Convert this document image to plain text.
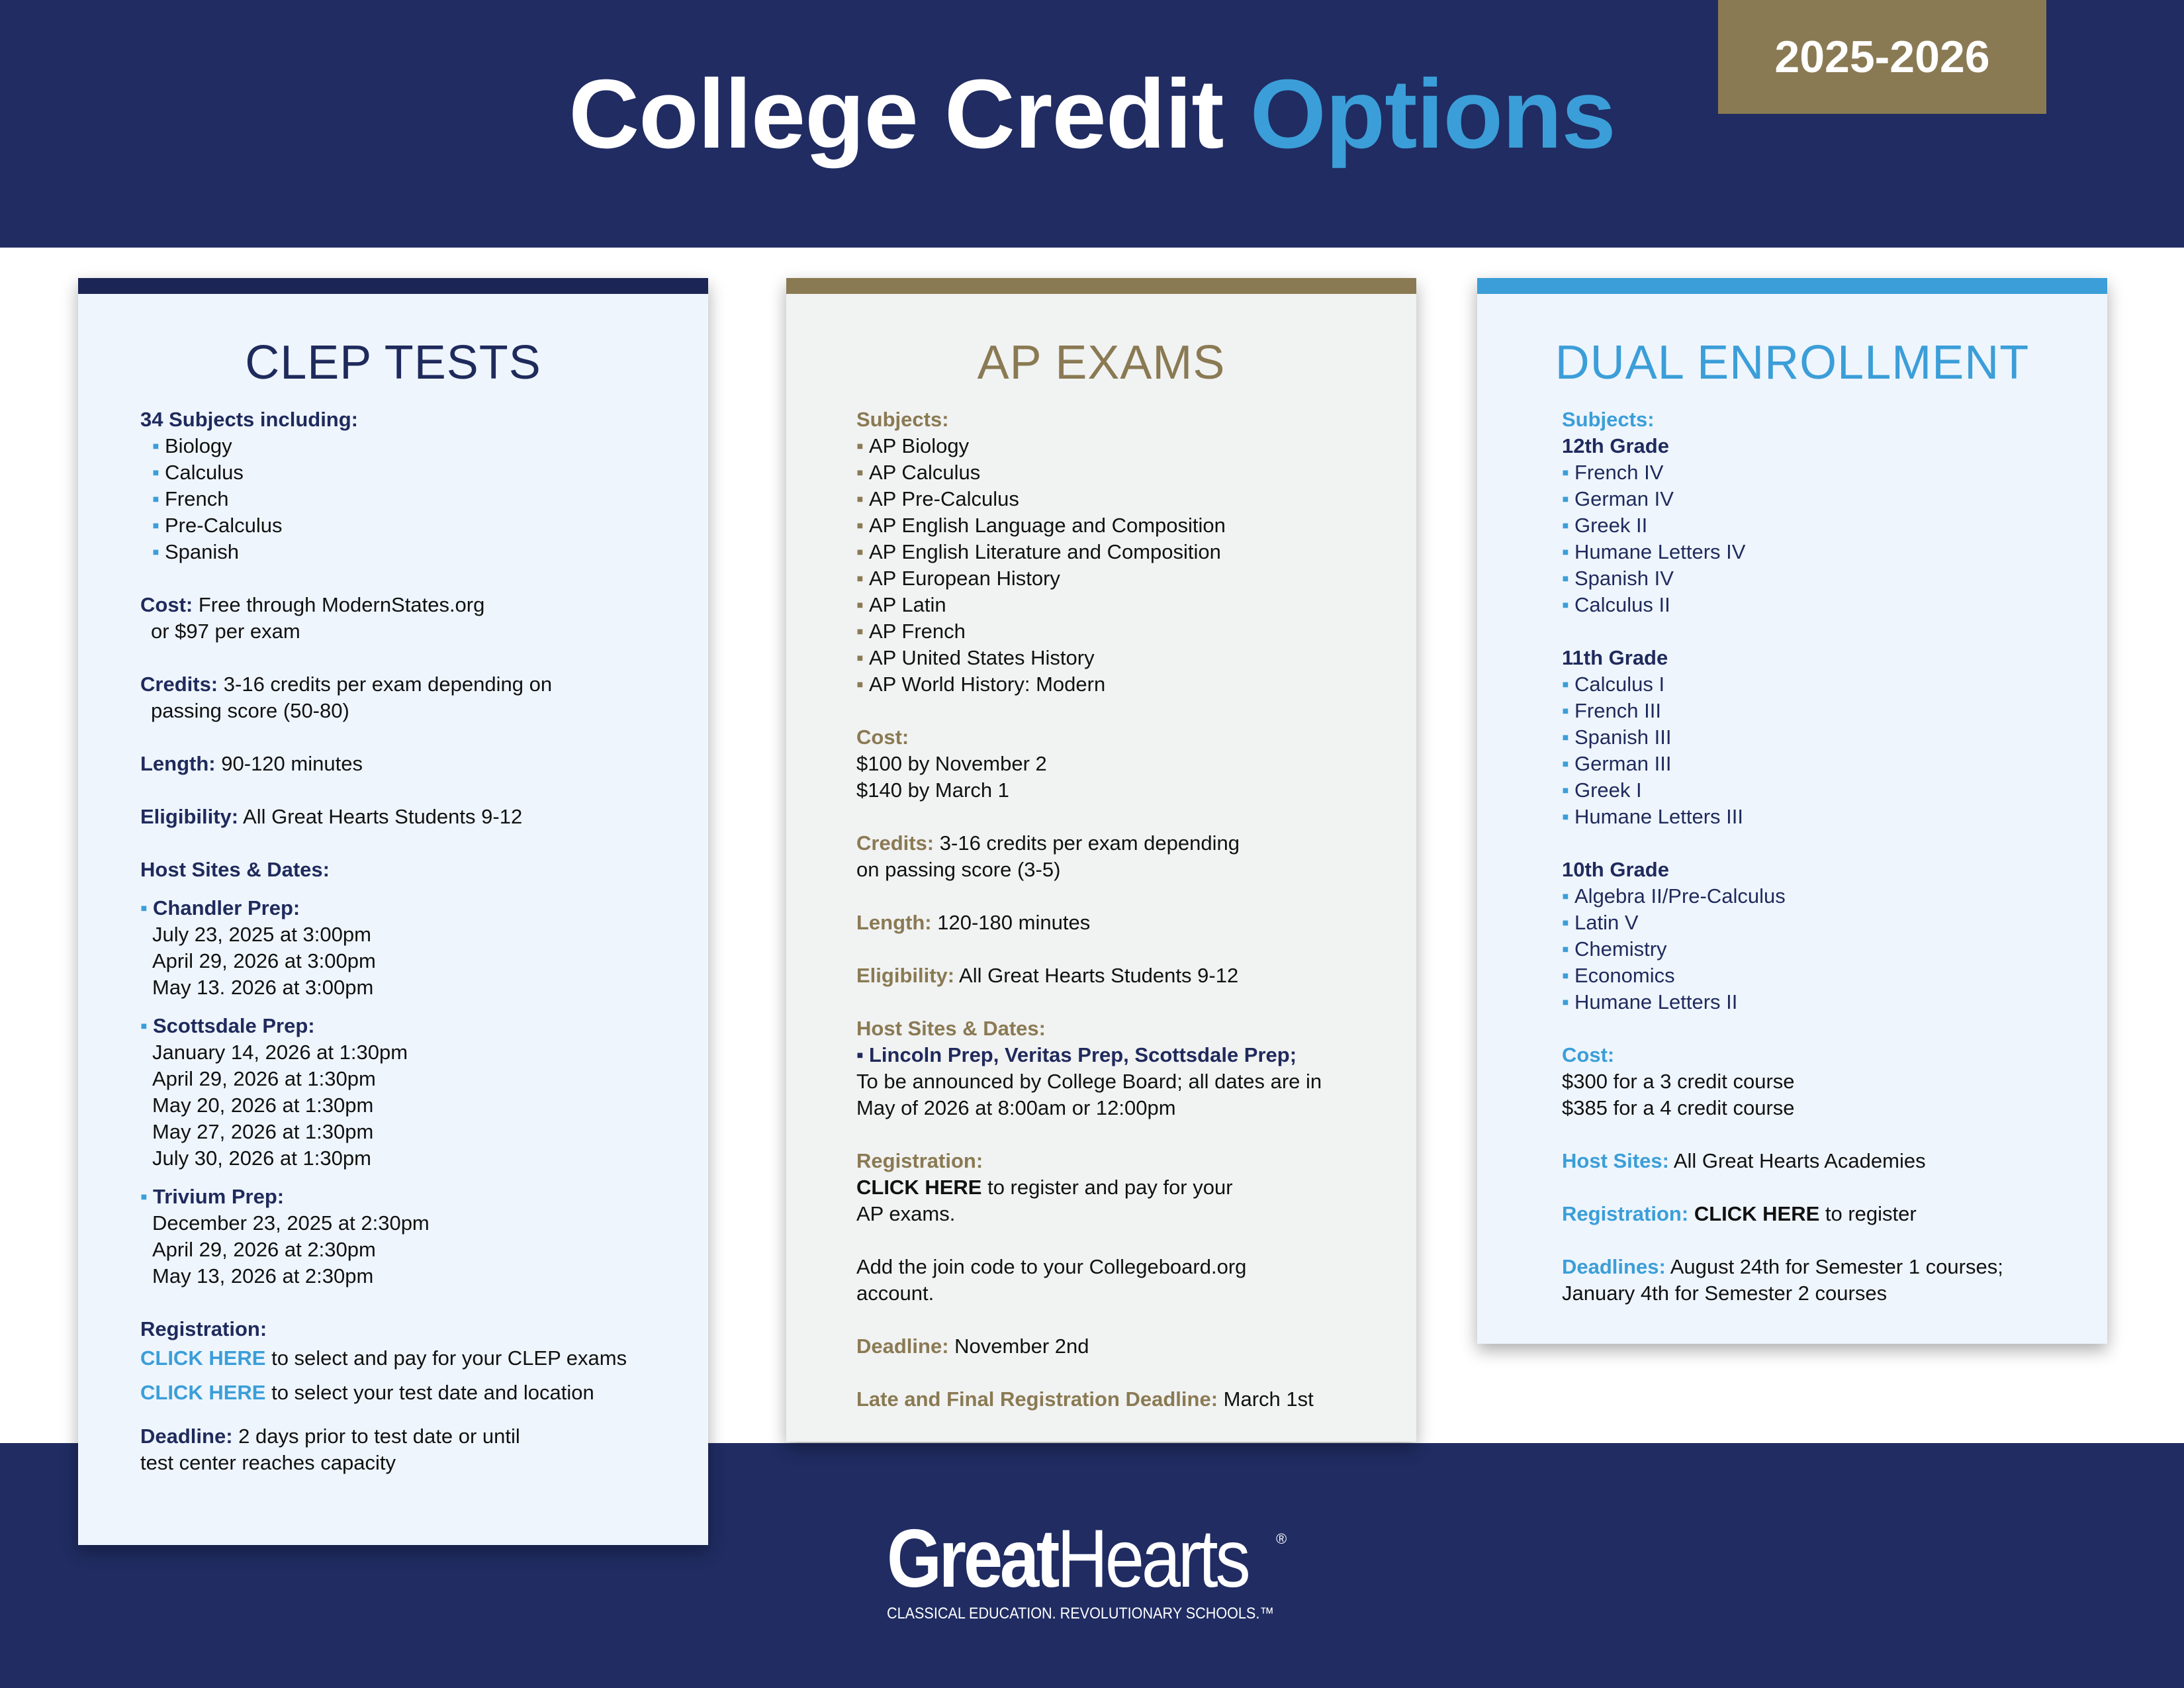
College Credit Options
2025-2026
CLEP TESTS
34 Subjects including:
▪ Biology
▪ Calculus
▪ French
▪ Pre-Calculus
▪ Spanish
Cost: Free through ModernStates.org
or $97 per exam
Credits: 3-16 credits per exam depending on
passing score (50-80)
Length: 90-120 minutes
Eligibility: All Great Hearts Students 9-12
Host Sites & Dates:
▪ Chandler Prep:
July 23, 2025 at 3:00pm
April 29, 2026 at 3:00pm
May 13. 2026 at 3:00pm
▪ Scottsdale Prep:
January 14, 2026 at 1:30pm
April 29, 2026 at 1:30pm
May 20, 2026 at 1:30pm
May 27, 2026 at 1:30pm
July 30, 2026 at 1:30pm
▪ Trivium Prep:
December 23, 2025 at 2:30pm
April 29, 2026 at 2:30pm
May 13, 2026 at 2:30pm
Registration:
CLICK HERE to select and pay for your CLEP exams
CLICK HERE to select your test date and location
Deadline: 2 days prior to test date or until
test center reaches capacity
AP EXAMS
Subjects:
▪ AP Biology
▪ AP Calculus
▪ AP Pre-Calculus
▪ AP English Language and Composition
▪ AP English Literature and Composition
▪ AP European History
▪ AP Latin
▪ AP French
▪ AP United States History
▪ AP World History: Modern
Cost:
$100 by November 2
$140 by March 1
Credits: 3-16 credits per exam depending
on passing score (3-5)
Length: 120-180 minutes
Eligibility: All Great Hearts Students 9-12
Host Sites & Dates:
▪ Lincoln Prep, Veritas Prep, Scottsdale Prep;
To be announced by College Board; all dates are in
May of 2026 at 8:00am or 12:00pm
Registration:
CLICK HERE to register and pay for your
AP exams.
Add the join code to your Collegeboard.org
account.
Deadline: November 2nd
Late and Final Registration Deadline: March 1st
DUAL ENROLLMENT
Subjects:
12th Grade
▪ French IV
▪ German IV
▪ Greek II
▪ Humane Letters IV
▪ Spanish IV
▪ Calculus II
11th Grade
▪ Calculus I
▪ French III
▪ Spanish III
▪ German III
▪ Greek I
▪ Humane Letters III
10th Grade
▪ Algebra II/Pre-Calculus
▪ Latin V
▪ Chemistry
▪ Economics
▪ Humane Letters II
Cost:
$300 for a 3 credit course
$385 for a 4 credit course
Host Sites: All Great Hearts Academies
Registration: CLICK HERE to register
Deadlines: August 24th for Semester 1 courses;
January 4th for Semester 2 courses
GreatHearts ®
CLASSICAL EDUCATION. REVOLUTIONARY SCHOOLS.™
